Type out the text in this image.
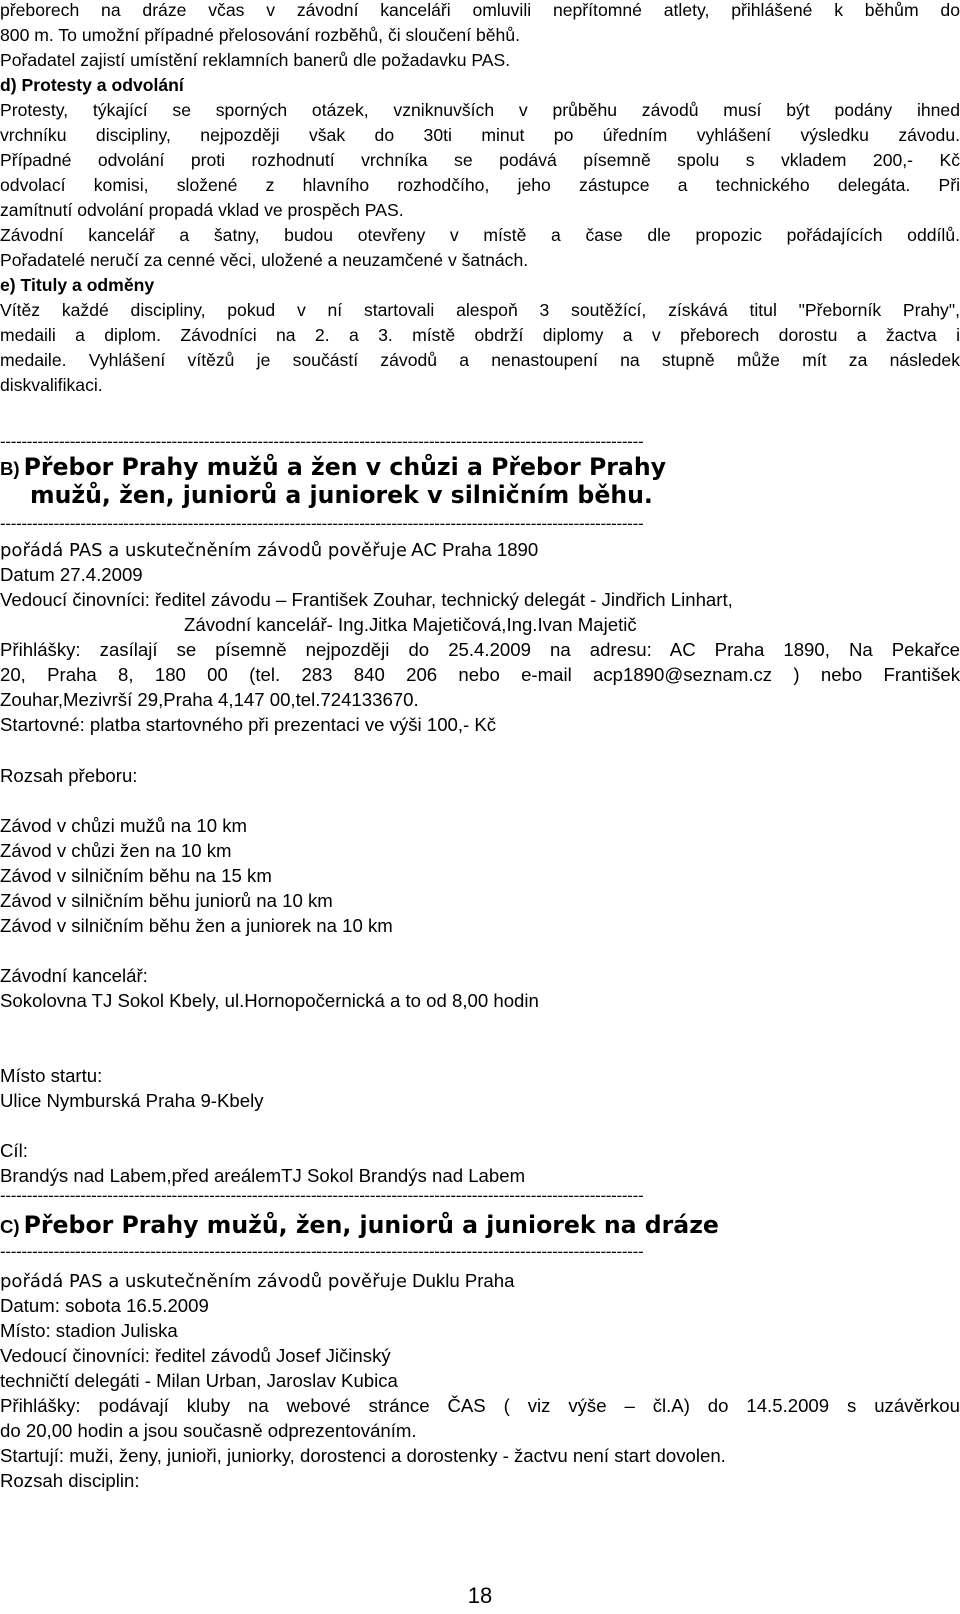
přeborech na dráze včas v závodní kanceláři omluvili nepřítomné atlety, přihlášené k běhům do
800 m. To umožní případné přelosování rozběhů, či sloučení běhů.
Pořadatel zajistí umístění reklamních banerů dle požadavku PAS.
d) Protesty a odvolání
Protesty, týkající se sporných otázek, vzniknuvších v průběhu závodů musí být podány ihned
vrchníku discipliny, nejpozději však do 30ti minut po úředním vyhlášení výsledku závodu.
Případné odvolání proti rozhodnutí vrchníka se podává písemně spolu s vkladem 200,- Kč
odvolací komisi, složené z hlavního rozhodčího, jeho zástupce a technického delegáta. Při
zamítnutí odvolání propadá vklad ve prospěch PAS.
Závodní kancelář a šatny, budou otevřeny v místě a čase dle propozic pořádajících oddílů.
Pořadatelé neručí za cenné věci, uložené a neuzamčené v šatnách.
e) Tituly a odměny
Vítěz každé discipliny, pokud v ní startovali alespoň 3 soutěžící, získává titul "Přeborník Prahy",
medaili a diplom. Závodníci na 2. a 3. místě obdrží diplomy a v přeborech dorostu a žactva i
medaile. Vyhlášení vítězů je součástí závodů a nenastoupení na stupně může mít za následek
diskvalifikaci.
------------------------------------------------------------------------------------------------------------------------
B) Přebor Prahy mužů a žen v chůzi a Přebor Prahy
mužů, žen, juniorů a juniorek v silničním běhu.
------------------------------------------------------------------------------------------------------------------------
pořádá PAS a uskutečněním závodů pověřuje AC Praha 1890
Datum 27.4.2009
Vedoucí činovníci: ředitel závodu – František Zouhar, technický delegát - Jindřich Linhart,
Závodní kancelář- Ing.Jitka Majetičová,Ing.Ivan Majetič
Přihlášky: zasílají se písemně nejpozději do 25.4.2009 na adresu: AC Praha 1890, Na Pekařce
20, Praha 8, 180 00 (tel. 283 840 206 nebo e-mail acp1890@seznam.cz ) nebo František
Zouhar,Mezivrší 29,Praha 4,147 00,tel.724133670.
Startovné: platba startovného při prezentaci ve výši 100,- Kč
Rozsah přeboru:
Závod v chůzi mužů na 10 km
Závod v chůzi žen na 10 km
Závod v silničním běhu na 15 km
Závod v silničním běhu juniorů na 10 km
Závod v silničním běhu žen a juniorek na 10 km
Závodní kancelář:
Sokolovna TJ Sokol Kbely, ul.Hornopočernická a to od 8,00 hodin
Místo startu:
Ulice Nymburská Praha 9-Kbely
Cíl:
Brandýs nad Labem,před areálemTJ Sokol Brandýs nad Labem
------------------------------------------------------------------------------------------------------------------------
C) Přebor Prahy mužů, žen, juniorů a juniorek na dráze
------------------------------------------------------------------------------------------------------------------------
pořádá PAS a uskutečněním závodů pověřuje Duklu Praha
Datum: sobota 16.5.2009
Místo: stadion Juliska
Vedoucí činovníci: ředitel závodů Josef Jičinský
techničtí delegáti - Milan Urban, Jaroslav Kubica
Přihlášky: podávají kluby na webové stránce ČAS ( viz výše – čl.A) do 14.5.2009 s uzávěrkou
do 20,00 hodin a jsou současně odprezentováním.
Startují: muži, ženy, junioři, juniorky, dorostenci a dorostenky - žactvu není start dovolen.
Rozsah disciplin:
18
